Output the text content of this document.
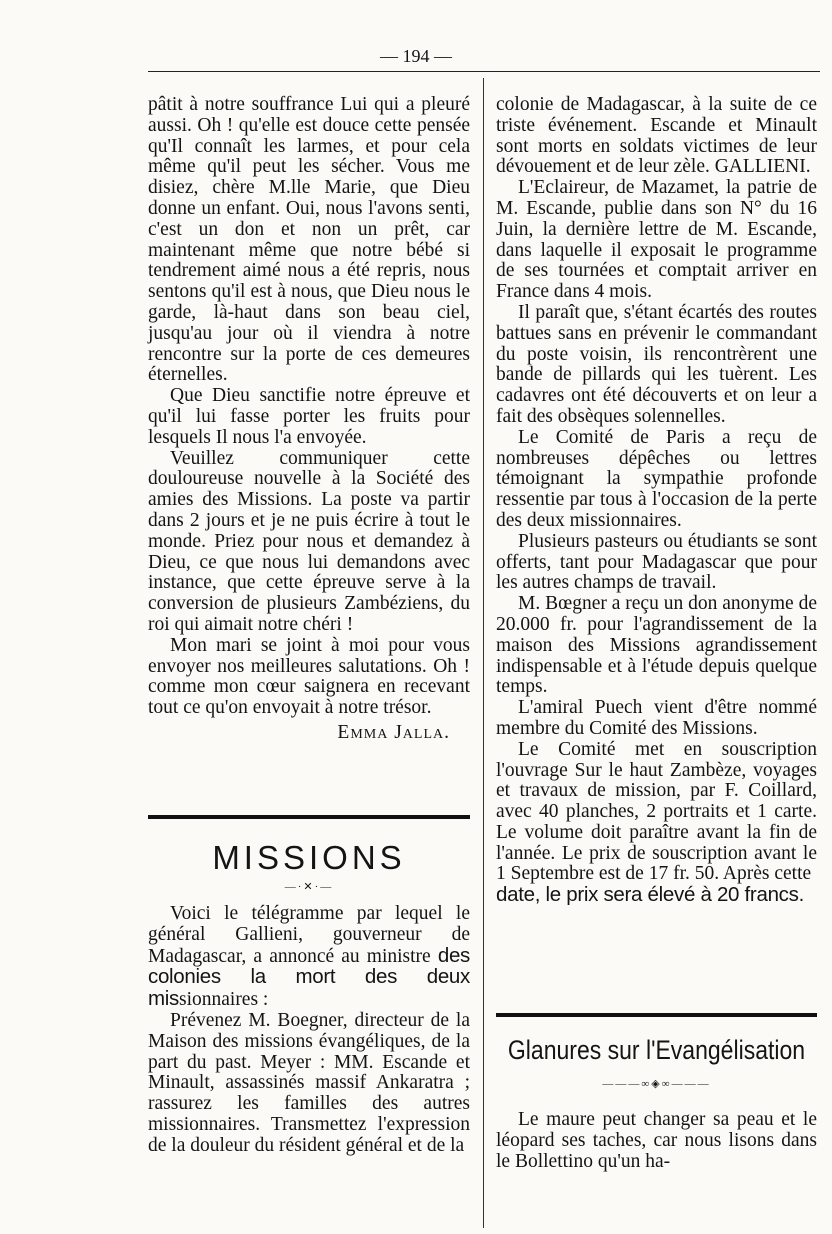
— 194 —

pâtit à notre souffrance Lui qui a pleuré aussi. Oh ! qu'elle est douce cette pensée qu'Il connaît les larmes, et pour cela même qu'il peut les sécher. Vous me disiez, chère M.lle Marie, que Dieu donne un enfant. Oui, nous l'avons senti, c'est un don et non un prêt, car maintenant même que notre bébé si tendrement aimé nous a été repris, nous sentons qu'il est à nous, que Dieu nous le garde, là-haut dans son beau ciel, jusqu'au jour où il viendra à notre rencontre sur la porte de ces demeures éternelles.

Que Dieu sanctifie notre épreuve et qu'il lui fasse porter les fruits pour lesquels Il nous l'a envoyée.

Veuillez communiquer cette douloureuse nouvelle à la Société des amies des Missions. La poste va partir dans 2 jours et je ne puis écrire à tout le monde. Priez pour nous et demandez à Dieu, ce que nous lui demandons avec instance, que cette épreuve serve à la conversion de plusieurs Zambéziens, du roi qui aimait notre chéri !

Mon mari se joint à moi pour vous envoyer nos meilleures salutations. Oh ! comme mon cœur saignera en recevant tout ce qu'on envoyait à notre trésor.

Emma Jalla.
MISSIONS
—·✕·—

Voici le télégramme par lequel le général Gallieni, gouverneur de Madagascar, a annoncé au ministre des colonies la mort des deux missionnaires :

Prévenez M. Boegner, directeur de la Maison des missions évangéliques, de la part du past. Meyer : MM. Escande et Minault, assassinés massif Ankaratra ; rassurez les familles des autres missionnaires. Transmettez l'expression de la douleur du résident général et de la

colonie de Madagascar, à la suite de ce triste événement. Escande et Minault sont morts en soldats victimes de leur dévouement et de leur zèle. GALLIENI.

L'Eclaireur, de Mazamet, la patrie de M. Escande, publie dans son N° du 16 Juin, la dernière lettre de M. Escande, dans laquelle il exposait le programme de ses tournées et comptait arriver en France dans 4 mois.

Il paraît que, s'étant écartés des routes battues sans en prévenir le commandant du poste voisin, ils rencontrèrent une bande de pillards qui les tuèrent. Les cadavres ont été découverts et on leur a fait des obsèques solennelles.

Le Comité de Paris a reçu de nombreuses dépêches ou lettres témoignant la sympathie profonde ressentie par tous à l'occasion de la perte des deux missionnaires.

Plusieurs pasteurs ou étudiants se sont offerts, tant pour Madagascar que pour les autres champs de travail.

M. Bœgner a reçu un don anonyme de 20.000 fr. pour l'agrandissement de la maison des Missions agrandissement indispensable et à l'étude depuis quelque temps.

L'amiral Puech vient d'être nommé membre du Comité des Missions.

Le Comité met en souscription l'ouvrage Sur le haut Zambèze, voyages et travaux de mission, par F. Coillard, avec 40 planches, 2 portraits et 1 carte. Le volume doit paraître avant la fin de l'année. Le prix de souscription avant le 1 Septembre est de 17 fr. 50. Après cette

date, le prix sera élevé à 20 francs.

Glanures sur l'Evangélisation
———∞◈∞———

Le maure peut changer sa peau et le léopard ses taches, car nous lisons dans le Bollettino qu'un ha-
